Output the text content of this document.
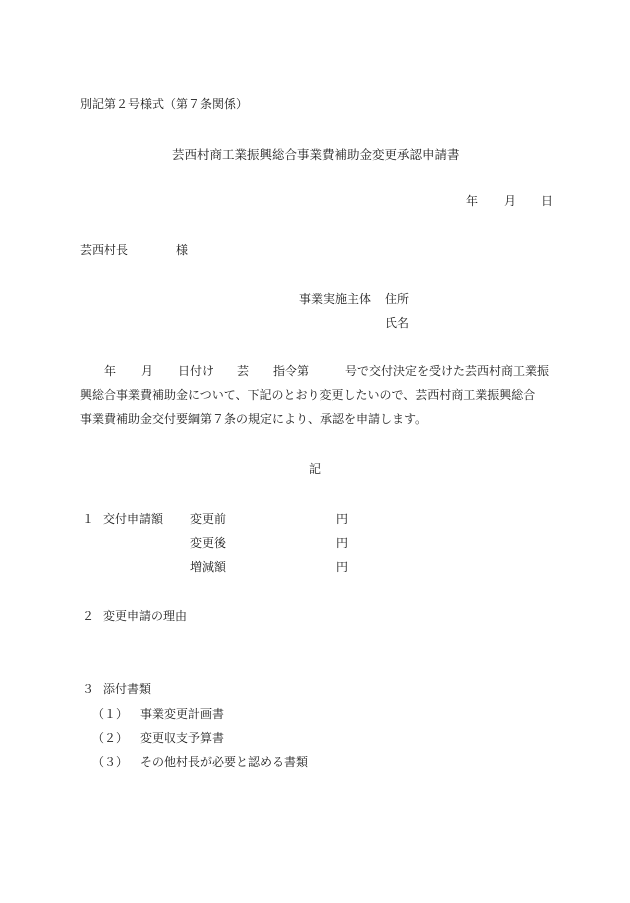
別記第２号様式（第７条関係）
芸西村商工業振興総合事業費補助金変更承認申請書
年 月 日
芸西村長	様
事業実施主体 住所
氏名
年 月 日付け 芸 指令第	号で交付決定を受けた芸西村商工業振
興総合事業費補助金について、下記のとおり変更したいので、芸西村商工業振興総合
事業費補助金交付要綱第７条の規定により、承認を申請します。
記
１ 交付申請額 変更前	円
変更後	円
増減額	円
２ 変更申請の理由
３ 添付書類
（１） 事業変更計画書
（２） 変更収支予算書
（３） その他村長が必要と認める書類
